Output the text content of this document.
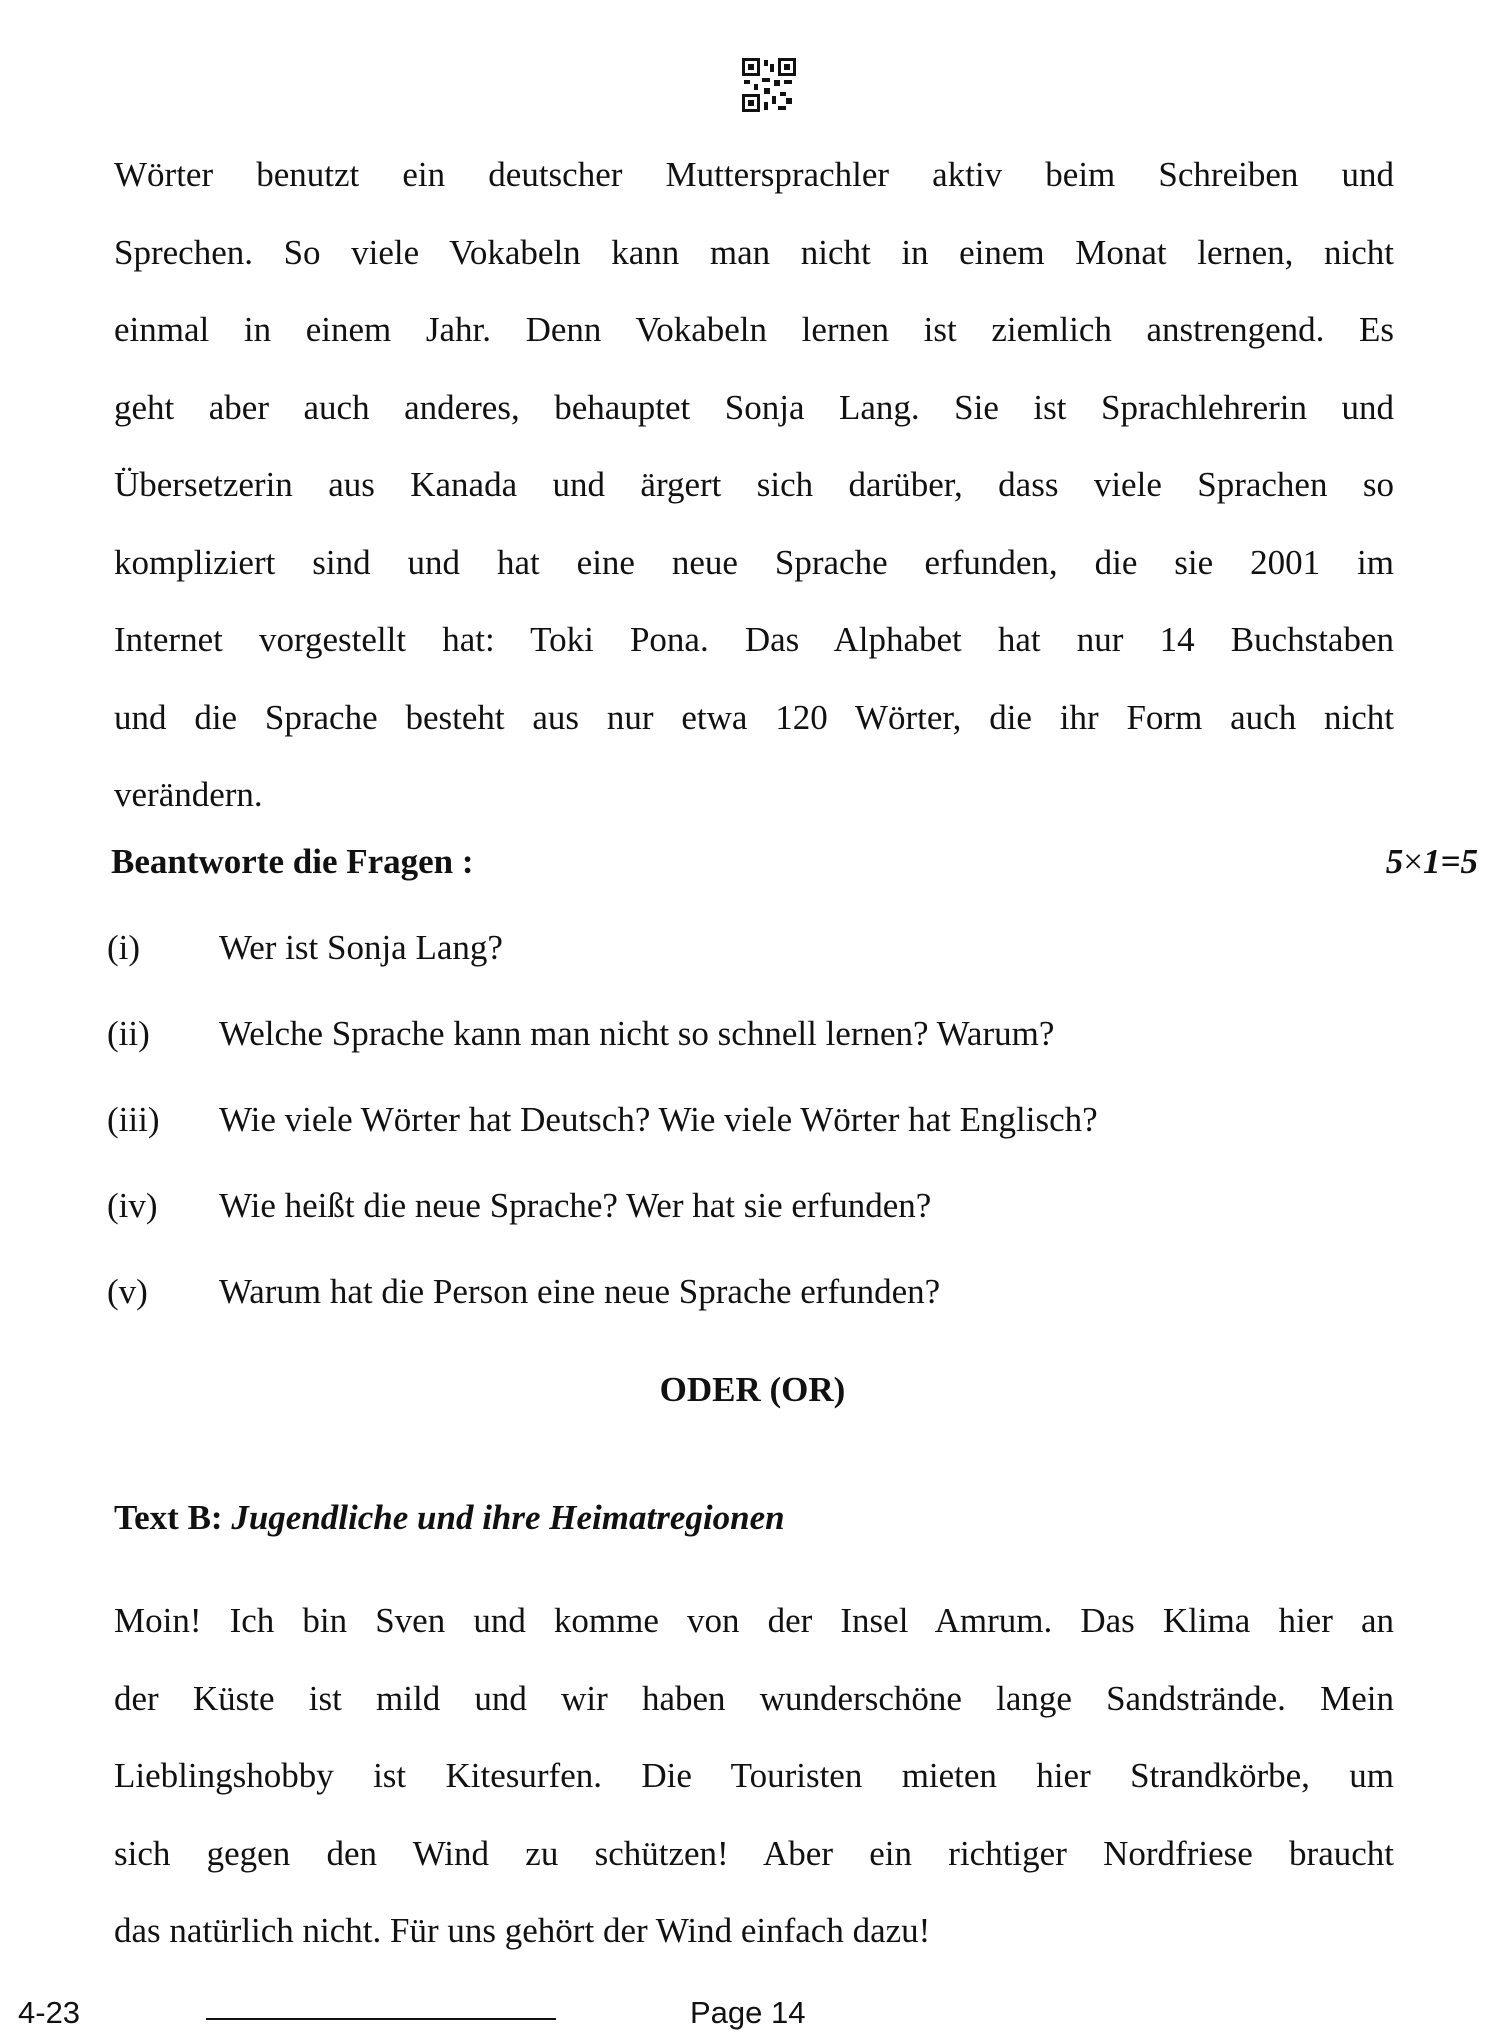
Wörter benutzt ein deutscher Muttersprachler aktiv beim Schreiben und
Sprechen. So viele Vokabeln kann man nicht in einem Monat lernen, nicht
einmal in einem Jahr. Denn Vokabeln lernen ist ziemlich anstrengend. Es
geht aber auch anderes, behauptet Sonja Lang. Sie ist Sprachlehrerin und
Übersetzerin aus Kanada und ärgert sich darüber, dass viele Sprachen so
kompliziert sind und hat eine neue Sprache erfunden, die sie 2001 im
Internet vorgestellt hat: Toki Pona. Das Alphabet hat nur 14 Buchstaben
und die Sprache besteht aus nur etwa 120 Wörter, die ihr Form auch nicht
verändern.
Beantworte die Fragen :	5×1=5
(i) Wer ist Sonja Lang?
(ii) Welche Sprache kann man nicht so schnell lernen? Warum?
(iii) Wie viele Wörter hat Deutsch? Wie viele Wörter hat Englisch?
(iv) Wie heißt die neue Sprache? Wer hat sie erfunden?
(v) Warum hat die Person eine neue Sprache erfunden?
ODER (OR)
Text B: Jugendliche und ihre Heimatregionen
Moin! Ich bin Sven und komme von der Insel Amrum. Das Klima hier an
der Küste ist mild und wir haben wunderschöne lange Sandstrände. Mein
Lieblingshobby ist Kitesurfen. Die Touristen mieten hier Strandkörbe, um
sich gegen den Wind zu schützen! Aber ein richtiger Nordfriese braucht
das natürlich nicht. Für uns gehört der Wind einfach dazu!
4-23	Page 14
